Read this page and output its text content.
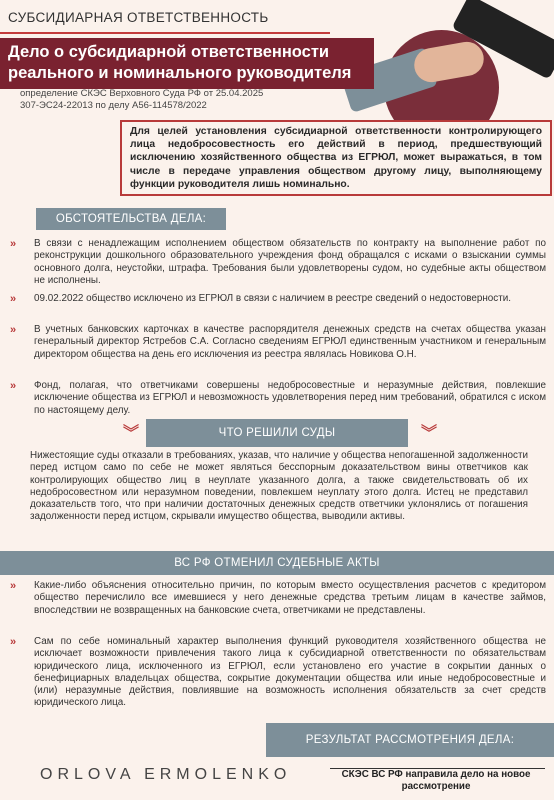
СУБСИДИАРНАЯ ОТВЕТСТВЕННОСТЬ
Дело о субсидиарной ответственности
реального и номинального руководителя
определение СКЭС Верховного Суда РФ от 25.04.2025
307-ЭС24-22013 по делу А56-114578/2022
Для целей установления субсидиарной ответственности контролирующего лица недобросовестность его действий в период, предшествующий исключению хозяйственного общества из ЕГРЮЛ, может выражаться, в том числе в передаче управления обществом другому лицу, выполняющему функции руководителя лишь номинально.
ОБСТОЯТЕЛЬСТВА ДЕЛА:
»	В связи с ненадлежащим исполнением обществом обязательств по контракту на выполнение работ по реконструкции дошкольного образовательного учреждения фонд обращался с исками о взыскании суммы основного долга, неустойки, штрафа. Требования были удовлетворены судом, но судебные акты обществом не исполнены.
»	09.02.2022 общество исключено из ЕГРЮЛ в связи с наличием в реестре сведений о недостоверности.
»	В учетных банковских карточках в качестве распорядителя денежных средств на счетах общества указан генеральный директор Ястребов С.А. Согласно сведениям ЕГРЮЛ единственным участником и генеральным директором общества на день его исключения из реестра являлась Новикова О.Н.
»	Фонд, полагая, что ответчиками совершены недобросовестные и неразумные действия, повлекшие исключение общества из ЕГРЮЛ и невозможность удовлетворения перед ним требований, обратился с иском по настоящему делу.
︾	ЧТО РЕШИЛИ СУДЫ	︾
Нижестоящие суды отказали в требованиях, указав, что наличие у общества непогашенной задолженности перед истцом само по себе не может являться бесспорным доказательством вины ответчиков как контролирующих общество лиц в неуплате указанного долга, а также свидетельствовать об их недобросовестном или неразумном поведении, повлекшем неуплату этого долга. Истец не представил доказательств того, что при наличии достаточных денежных средств ответчики уклонялись от погашения задолженности перед истцом, скрывали имущество общества, выводили активы.
ВС РФ ОТМЕНИЛ СУДЕБНЫЕ АКТЫ
»	Какие-либо объяснения относительно причин, по которым вместо осуществления расчетов с кредитором общество перечислило все имевшиеся у него денежные средства третьим лицам в качестве займов, впоследствии не возвращенных на банковские счета, ответчиками не представлены.
»	Сам по себе номинальный характер выполнения функций руководителя хозяйственного общества не исключает возможности привлечения такого лица к субсидиарной ответственности по обязательствам юридического лица, исключенного из ЕГРЮЛ, если установлено его участие в сокрытии данных о бенефициарных владельцах общества, сокрытие документации общества или иные недобросовестные и (или) неразумные действия, повлиявшие на возможность исполнения обязательств за счет средств юридического лица.
РЕЗУЛЬТАТ РАССМОТРЕНИЯ ДЕЛА:
ORLOVA ERMOLENKO	СКЭС ВС РФ направила дело на новое рассмотрение
